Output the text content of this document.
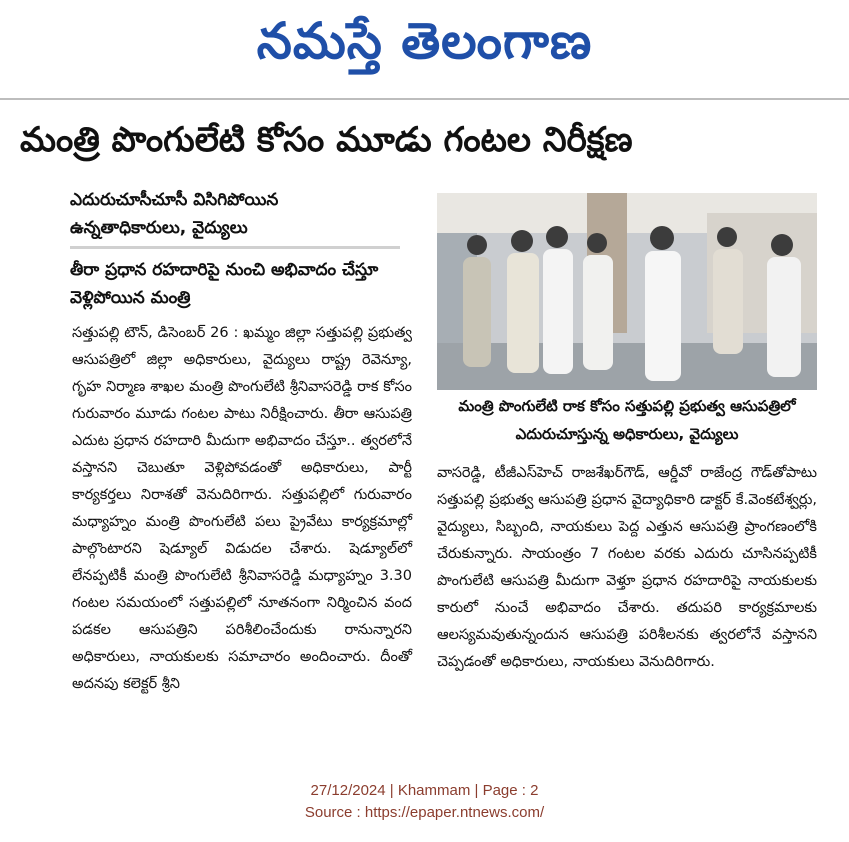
నమస్తే తెలంగాణ
మంత్రి పొంగులేటి కోసం మూడు గంటల నిరీక్షణ
ఎదురుచూసీచూసీ విసిగిపోయిన ఉన్నతాధికారులు, వైద్యులు
తీరా ప్రధాన రహదారిపై నుంచి అభివాదం చేస్తూ వెళ్లిపోయిన మంత్రి
సత్తుపల్లి టౌన్, డిసెంబర్ 26 : ఖమ్మం జిల్లా సత్తుపల్లి ప్రభుత్వ ఆసుపత్రిలో జిల్లా అధికారులు, వైద్యులు రాష్ట్ర రెవెన్యూ, గృహ నిర్మాణ శాఖల మంత్రి పొంగులేటి శ్రీనివాసరెడ్డి రాక కోసం గురువారం మూడు గంటల పాటు నిరీక్షించారు. తీరా ఆసుపత్రి ఎదుట ప్రధాన రహదారి మీదుగా అభివాదం చేస్తూ.. త్వరలోనే వస్తానని చెబుతూ వెళ్లిపోవడంతో అధికారులు, పార్టీ కార్యకర్తలు నిరాశతో వెనుదిరిగారు. సత్తుపల్లిలో గురువారం మధ్యాహ్నం మంత్రి పొంగులేటి పలు ప్రైవేటు కార్యక్రమాల్లో పాల్గొంటారని షెడ్యూల్ విడుదల చేశారు. షెడ్యూల్‌లో లేనప్పటికీ మంత్రి పొంగులేటి శ్రీనివాసరెడ్డి మధ్యాహ్నం 3.30 గంటల సమయంలో సత్తుపల్లిలో నూతనంగా నిర్మించిన వంద పడకల ఆసుపత్రిని పరిశీలించేందుకు రానున్నారని అధికారులు, నాయకులకు సమాచారం అందించారు. దీంతో అదనపు కలెక్టర్ శ్రీని
మంత్రి పొంగులేటి రాక కోసం సత్తుపల్లి ప్రభుత్వ ఆసుపత్రిలో ఎదురుచూస్తున్న అధికారులు, వైద్యులు
వాసరెడ్డి, టీజీఎస్‌హెచ్ రాజశేఖర్‌గౌడ్, ఆర్డీవో రాజేంద్ర గౌడ్‌తోపాటు సత్తుపల్లి ప్రభుత్వ ఆసుపత్రి ప్రధాన వైద్యాధికారి డాక్టర్ కే.వెంకటేశ్వర్లు, వైద్యులు, సిబ్బంది, నాయకులు పెద్ద ఎత్తున ఆసుపత్రి ప్రాంగణంలోకి చేరుకున్నారు. సాయంత్రం 7 గంటల వరకు ఎదురు చూసినప్పటికీ పొంగులేటి ఆసుపత్రి మీదుగా వెళ్తూ ప్రధాన రహదారిపై నాయకులకు కారులో నుంచే అభివాదం చేశారు. తదుపరి కార్యక్రమాలకు ఆలస్యమవుతున్నందున ఆసుపత్రి పరిశీలనకు త్వరలోనే వస్తానని చెప్పడంతో అధికారులు, నాయకులు వెనుదిరిగారు.
27/12/2024 | Khammam | Page : 2
Source : https://epaper.ntnews.com/
